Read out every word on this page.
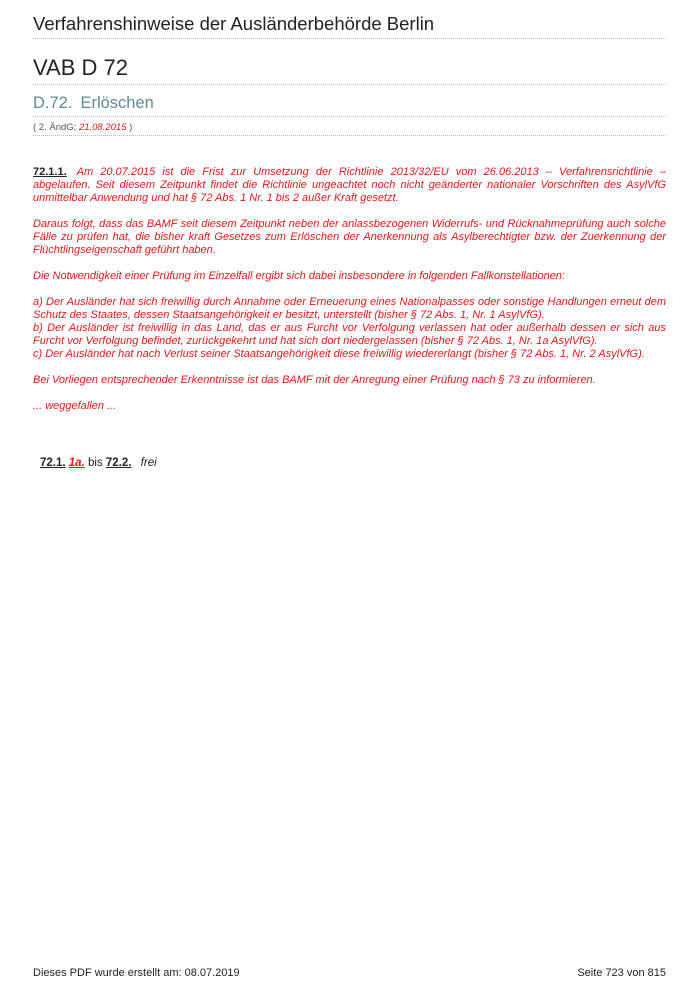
Verfahrenshinweise der Ausländerbehörde Berlin
VAB D 72
D.72. Erlöschen
( 2. ÄndG; 21.08.2015 )

72.1.1. Am 20.07.2015 ist die Frist zur Umsetzung der Richtlinie 2013/32/EU vom 26.06.2013 – Verfahrensrichtlinie – abgelaufen. Seit diesem Zeitpunkt findet die Richtlinie ungeachtet noch nicht geänderter nationaler Vorschriften des AsylVfG unmittelbar Anwendung und hat § 72 Abs. 1 Nr. 1 bis 2 außer Kraft gesetzt.

Daraus folgt, dass das BAMF seit diesem Zeitpunkt neben der anlassbezogenen Widerrufs- und Rücknahmeprüfung auch solche Fälle zu prüfen hat, die bisher kraft Gesetzes zum Erlöschen der Anerkennung als Asylberechtigter bzw. der Zuerkennung der Flüchtlingseigenschaft geführt haben.

Die Notwendigkeit einer Prüfung im Einzelfall ergibt sich dabei insbesondere in folgenden Fallkonstellationen:

a) Der Ausländer hat sich freiwillig durch Annahme oder Erneuerung eines Nationalpasses oder sonstige Handlungen erneut dem Schutz des Staates, dessen Staatsangehörigkeit er besitzt, unterstellt (bisher § 72 Abs. 1, Nr. 1 AsylVfG).

b) Der Ausländer ist freiwillig in das Land, das er aus Furcht vor Verfolgung verlassen hat oder außerhalb dessen er sich aus Furcht vor Verfolgung befindet, zurückgekehrt und hat sich dort niedergelassen (bisher § 72 Abs. 1, Nr. 1a AsylVfG).

c) Der Ausländer hat nach Verlust seiner Staatsangehörigkeit diese freiwillig wiedererlangt (bisher § 72 Abs. 1, Nr. 2 AsylVfG).

Bei Vorliegen entsprechender Erkenntnisse ist das BAMF mit der Anregung einer Prüfung nach § 73 zu informieren.

... weggefallen ...

72.1. 1a. bis 72.2. frei
Dieses PDF wurde erstellt am: 08.07.2019	Seite 723 von 815
